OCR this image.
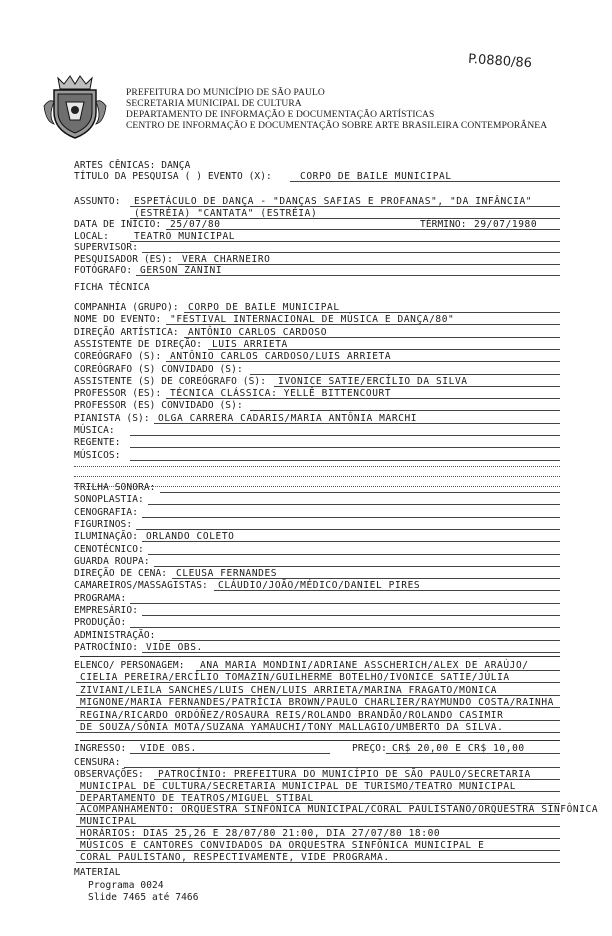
P.0880/86
PREFEITURA DO MUNICÍPIO DE SÃO PAULO
SECRETARIA MUNICIPAL DE CULTURA
DEPARTAMENTO DE INFORMAÇÃO E DOCUMENTAÇÃO ARTÍSTICAS
CENTRO DE INFORMAÇÃO E DOCUMENTAÇÃO SOBRE ARTE BRASILEIRA CONTEMPORÂNEA
ARTES CÊNICAS: DANÇA
TÍTULO DA PESQUISA ( ) EVENTO (X):	CORPO DE BAILE MUNICIPAL
ASSUNTO: ESPETÁCULO DE DANÇA - "DANÇAS SAFIAS E PROFANAS", "DA INFÂNCIA"
(ESTRÉIA) "CANTATA" (ESTRÉIA)
DATA DE INÍCIO: 25/07/80
LOCAL:	TEATRO MUNICIPAL
SUPERVISOR:
PESQUISADOR (ES): VERA CHARNEIRO
FOTÓGRAFO: GERSON ZANINI
TÉRMINO: 29/07/1980
FICHA TÉCNICA
COMPANHIA (GRUPO): CORPO DE BAILE MUNICIPAL
NOME DO EVENTO: "FESTIVAL INTERNACIONAL DE MÚSICA E DANÇA/80"
DIREÇÃO ARTÍSTICA: ANTÔNIO CARLOS CARDOSO
ASSISTENTE DE DIREÇÃO: LUIS ARRIETA
COREÓGRAFO (S): ANTÔNIO CARLOS CARDOSO/LUIS ARRIETA
COREÓGRAFO (S) CONVIDADO (S):
ASSISTENTE (S) DE COREÓGRAFO (S): IVONICE SATIE/ERCÍLIO DA SILVA
PROFESSOR (ES): TÉCNICA CLÁSSICA: YELLÊ BITTENCOURT
PROFESSOR (ES) CONVIDADO (S):
PIANISTA (S): OLGA CARRERA CADARIS/MARIA ANTÔNIA MARCHI
MÚSICA:
REGENTE:
MÚSICOS:
TRILHA SONORA:
SONOPLASTIA:
CENOGRAFIA:
FIGURINOS:
ILUMINAÇÃO: ORLANDO COLETO
CENOTÉCNICO:
GUARDA ROUPA:
DIREÇÃO DE CENA: CLEUSA FERNANDES
CAMAREIROS/MASSAGISTAS: CLÁUDIO/JOÃO/MÉDICO/DANIEL PIRES
PROGRAMA:
EMPRESÁRIO:
PRODUÇÃO:
ADMINISTRAÇÃO:
PATROCÍNIO: VIDE OBS.
ELENCO/ PERSONAGEM: ANA MARIA MONDINI/ADRIANE ASSCHERICH/ALEX DE ARAÚJO/
CIELIA PEREIRA/ERCÍLIO TOMAZIN/GUILHERME BOTELHO/IVONICE SATIE/JÚLIA
ZIVIANI/LEILA SANCHES/LUIS CHEN/LUIS ARRIETA/MARINA FRAGATO/MONICA
MIGNONE/MARIA FERNANDES/PATRÍCIA BROWN/PAULO CHARLIER/RAYMUNDO COSTA/RAINHA
REGINA/RICARDO ORDÓÑEZ/ROSAURA REIS/ROLANDO BRANDÃO/ROLANDO CASIMIR
DE SOUZA/SÔNIA MOTA/SUZANA YAMAUCHI/TONY MALLAGIO/UMBERTO DA SILVA.
INGRESSO: VIDE OBS.	PREÇO: CR$ 20,00 E CR$ 10,00
CENSURA:
OBSERVAÇÕES: PATROCÍNIO: PREFEITURA DO MUNICÍPIO DE SÃO PAULO/SECRETARIA
MUNICIPAL DE CULTURA/SECRETARIA MUNICIPAL DE TURISMO/TEATRO MUNICIPAL
DEPARTAMENTO DE TEATROS/MIGUEL STIBAL
ACOMPANHAMENTO: ORQUESTRA SINFÔNICA MUNICIPAL/CORAL PAULISTANO/ORQUESTRA SINFÔNICA
MUNICIPAL
HORÁRIOS: DIAS 25,26 E 28/07/80 21:00, DIA 27/07/80 18:00
MÚSICOS E CANTORES CONVIDADOS DA ORQUESTRA SINFÔNICA MUNICIPAL E
CORAL PAULISTANO, RESPECTIVAMENTE, VIDE PROGRAMA.
MATERIAL
Programa 0024
Slide 7465 até 7466
